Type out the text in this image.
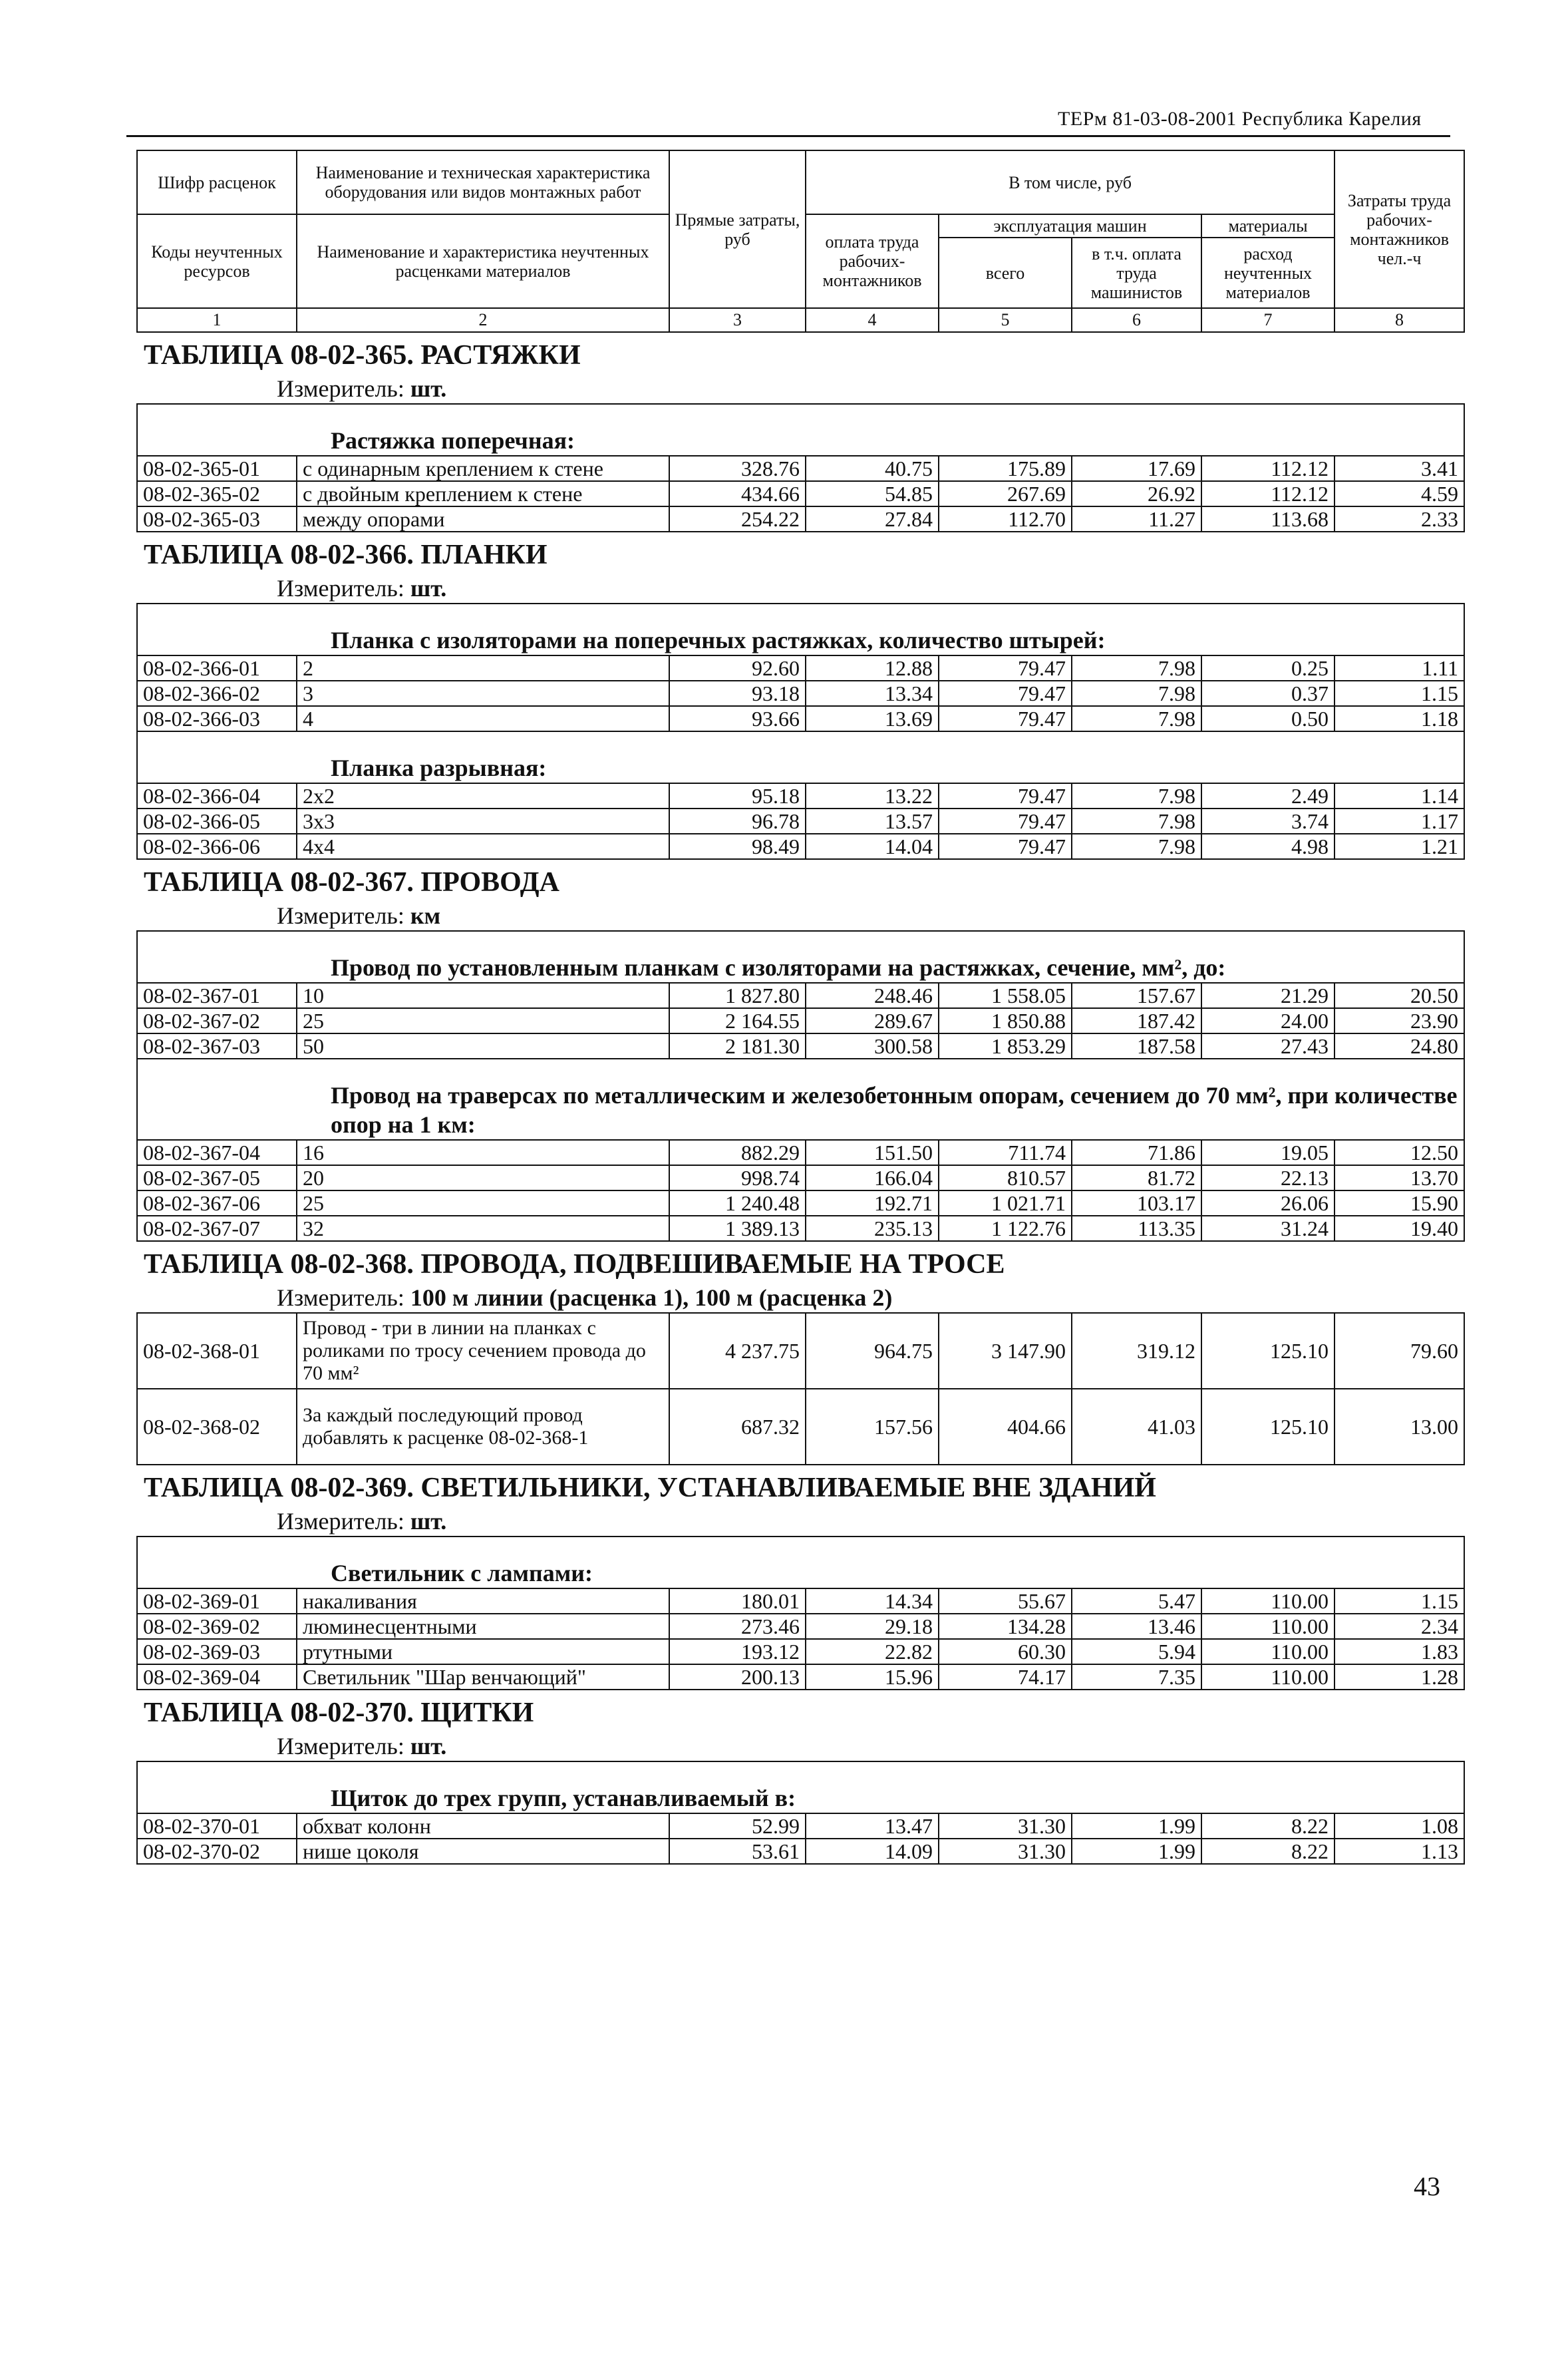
ТЕРм 81-03-08-2001 Республика Карелия
Шифр расценок	Наименование и техническая характеристика оборудования или видов монтажных работ	Прямые затраты, руб	В том числе, руб				Затраты труда рабочих-монтажников чел.-ч
Коды неучтенных ресурсов	Наименование и характеристика неучтенных расценками материалов		оплата труда рабочих-монтажников	эксплуатация машин		материалы	
				всего	в т.ч. оплата труда машинистов	расход неучтенных материалов	
1	2	3	4	5	6	7	8
ТАБЛИЦА 08-02-365. РАСТЯЖКИ							
Измеритель: шт.							

Растяжка поперечная:							
08-02-365-01	с одинарным креплением к стене	328.76	40.75	175.89	17.69	112.12	3.41
08-02-365-02	с двойным креплением к стене	434.66	54.85	267.69	26.92	112.12	4.59
08-02-365-03	между опорами	254.22	27.84	112.70	11.27	113.68	2.33
ТАБЛИЦА 08-02-366. ПЛАНКИ							
Измеритель: шт.							

Планка с изоляторами на поперечных растяжках, количество штырей:							
08-02-366-01	2	92.60	12.88	79.47	7.98	0.25	1.11
08-02-366-02	3	93.18	13.34	79.47	7.98	0.37	1.15
08-02-366-03	4	93.66	13.69	79.47	7.98	0.50	1.18

Планка разрывная:							
08-02-366-04	2х2	95.18	13.22	79.47	7.98	2.49	1.14
08-02-366-05	3х3	96.78	13.57	79.47	7.98	3.74	1.17
08-02-366-06	4х4	98.49	14.04	79.47	7.98	4.98	1.21
ТАБЛИЦА 08-02-367. ПРОВОДА							
Измеритель: км							

Провод по установленным планкам с изоляторами на растяжках, сечение, мм², до:							
08-02-367-01	10	1 827.80	248.46	1 558.05	157.67	21.29	20.50
08-02-367-02	25	2 164.55	289.67	1 850.88	187.42	24.00	23.90
08-02-367-03	50	2 181.30	300.58	1 853.29	187.58	27.43	24.80

Провод на траверсах по металлическим и железобетонным опорам, сечением до 70 мм², при количестве опор на 1 км:							
08-02-367-04	16	882.29	151.50	711.74	71.86	19.05	12.50
08-02-367-05	20	998.74	166.04	810.57	81.72	22.13	13.70
08-02-367-06	25	1 240.48	192.71	1 021.71	103.17	26.06	15.90
08-02-367-07	32	1 389.13	235.13	1 122.76	113.35	31.24	19.40
ТАБЛИЦА 08-02-368. ПРОВОДА, ПОДВЕШИВАЕМЫЕ НА ТРОСЕ							
Измеритель: 100 м линии (расценка 1), 100 м (расценка 2)							
08-02-368-01	Провод - три в линии на планках с роликами по тросу сечением провода до 70 мм²	4 237.75	964.75	3 147.90	319.12	125.10	79.60
08-02-368-02	За каждый последующий провод добавлять к расценке 08-02-368-1	687.32	157.56	404.66	41.03	125.10	13.00
ТАБЛИЦА 08-02-369. СВЕТИЛЬНИКИ, УСТАНАВЛИВАЕМЫЕ ВНЕ ЗДАНИЙ							
Измеритель: шт.							

Светильник с лампами:							
08-02-369-01	накаливания	180.01	14.34	55.67	5.47	110.00	1.15
08-02-369-02	люминесцентными	273.46	29.18	134.28	13.46	110.00	2.34
08-02-369-03	ртутными	193.12	22.82	60.30	5.94	110.00	1.83
08-02-369-04	Светильник "Шар венчающий"	200.13	15.96	74.17	7.35	110.00	1.28
ТАБЛИЦА 08-02-370. ЩИТКИ							
Измеритель: шт.							

Щиток до трех групп, устанавливаемый в:							
08-02-370-01	обхват колонн	52.99	13.47	31.30	1.99	8.22	1.08
08-02-370-02	нише цоколя	53.61	14.09	31.30	1.99	8.22	1.13
43
